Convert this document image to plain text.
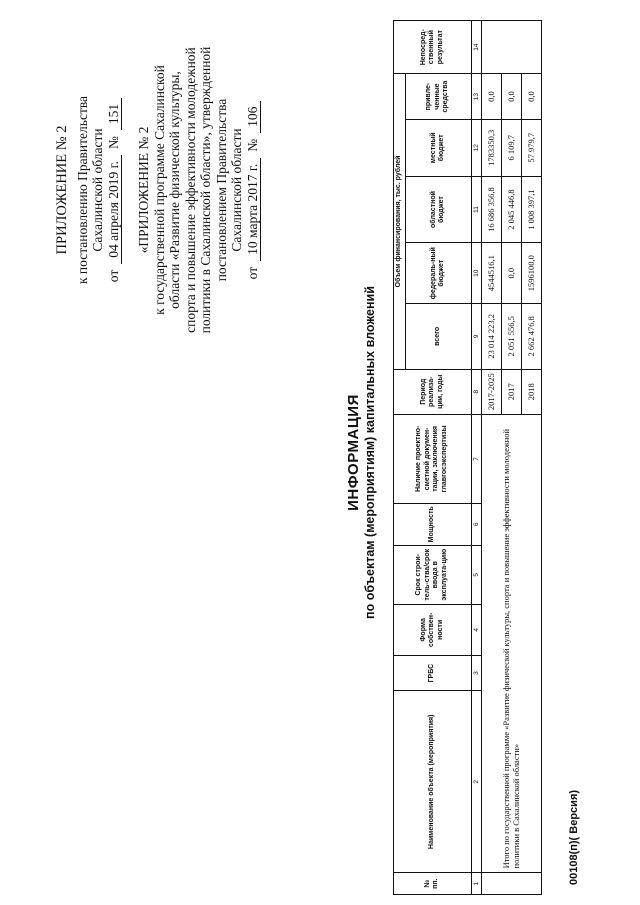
ПРИЛОЖЕНИЕ № 2 к постановлению Правительства Сахалинской области
от
04 апреля 2019 г.
№
151
«ПРИЛОЖЕНИЕ № 2 к государственной программе Сахалинской области «Развитие физической культуры, спорта и повышение эффективности молодежной политики в Сахалинской области», утвержденной постановлением Правительства Сахалинской области
от
10 марта 2017 г.
№
106
ИНФОРМАЦИЯ по объектам (мероприятиям) капитальных вложений
№ пп.	Наименование объекта (мероприятия)	ГРБС	Форма собствен-ности	Срок строи-тель-ства/срок ввода в эксплуата-цию	Мощность	Наличие проектно-сметной докумен-тации, заключения главгосэкспертизы	Период реализа-ции, годы	Объем финансирования, тыс. рублей					Непосред-ственный результат
								всего	федераль-ный бюджет	областной бюджет	местный бюджет	привле-ченные средства	
1	2	3	4	5	6	7	8	9	10	11	12	13	14
	Итого по государственной программе «Развитие физической культуры, спорта и повышение эффективности молодежной политики в Сахалинской области»						2017-2025	23 014 223,2	4544516,1	16 686 356,8	1783350,3	0,0	
							2017	2 051 556,5	0,0	2 045 446,8	6 109,7	0,0	
							2018	2 662 476,8	1596100,0	1 008 397,1	57 979,7	0,0	
00108(п)( Версия)
